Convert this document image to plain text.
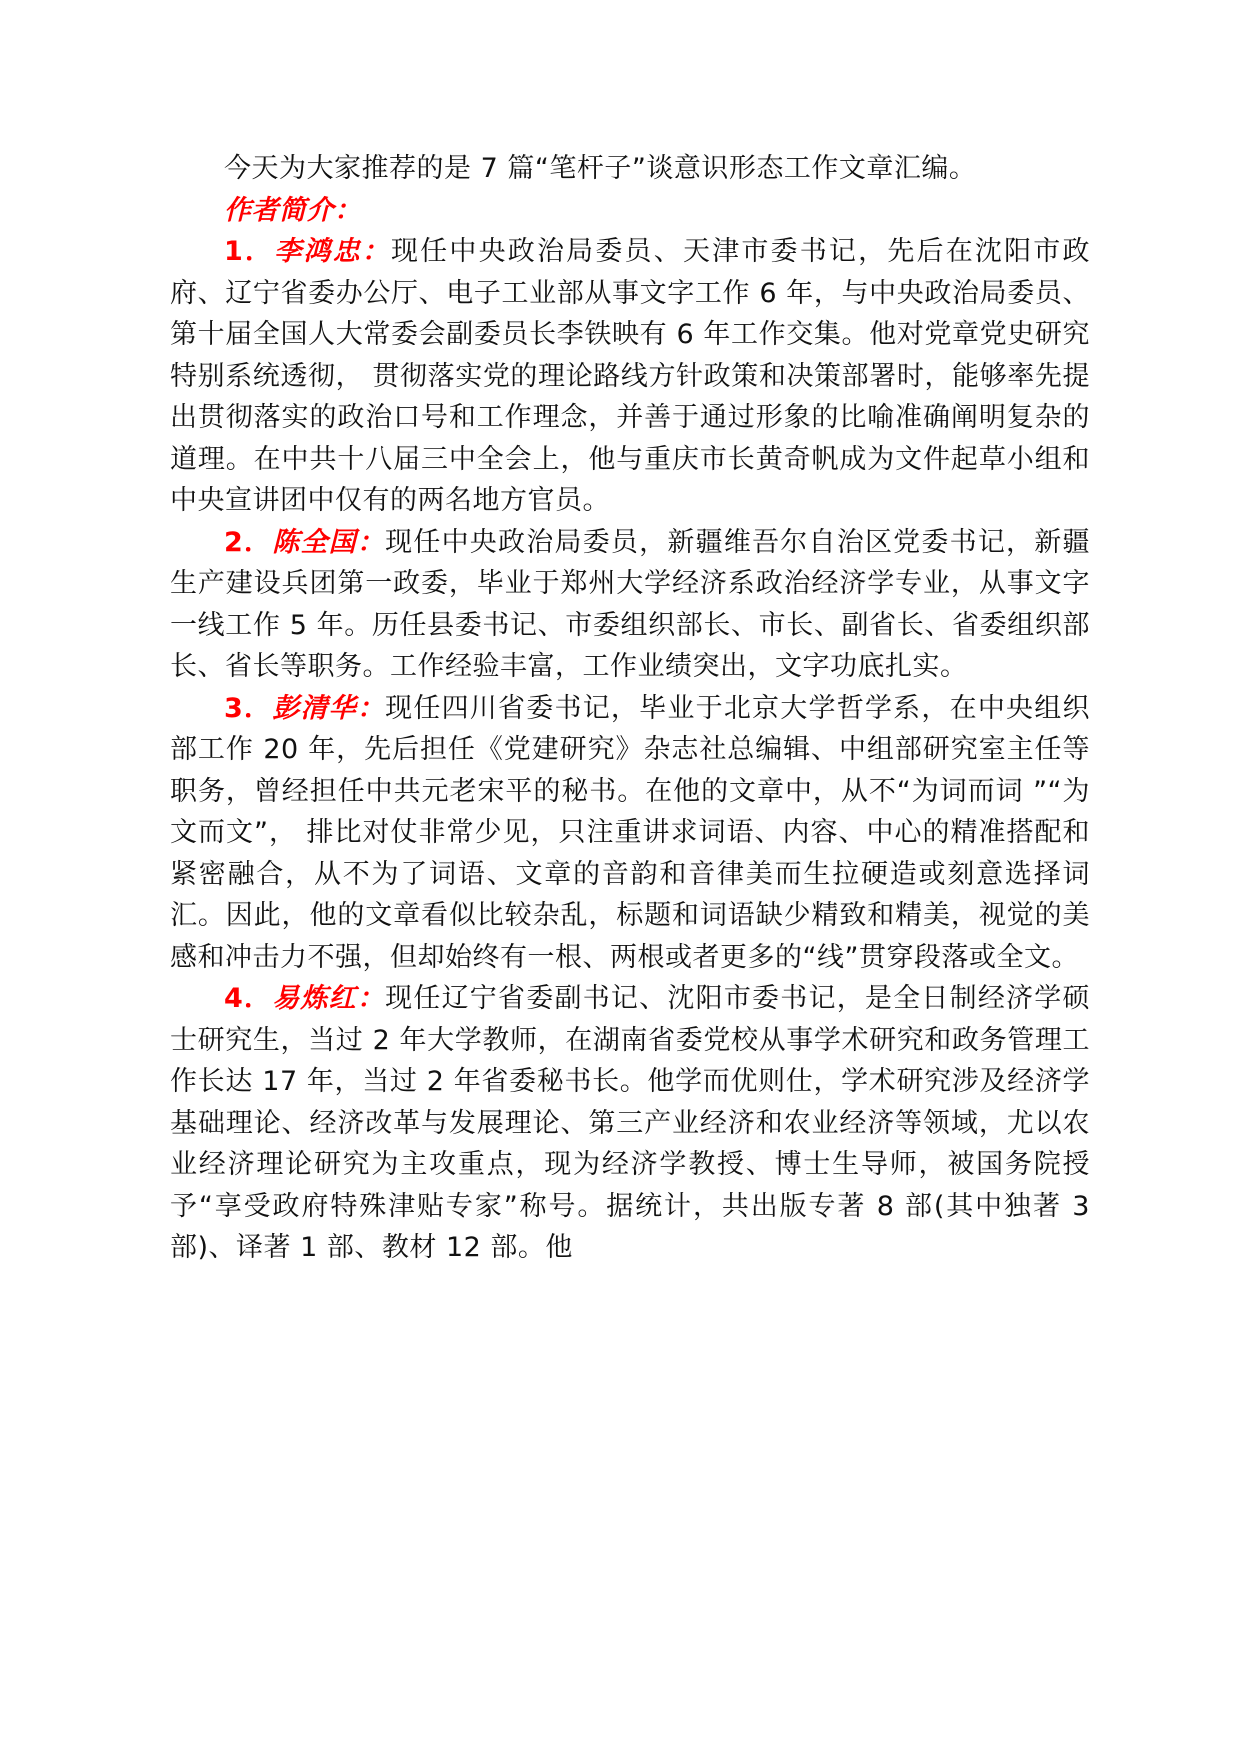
今天为大家推荐的是 7 篇“笔杆子”谈意识形态工作文章汇编。

作者简介：

1．李鸿忠：现任中央政治局委员、天津市委书记，先后在沈阳市政府、辽宁省委办公厅、电子工业部从事文字工作 6 年，与中央政治局委员、第十届全国人大常委会副委员长李铁映有 6 年工作交集。他对党章党史研究特别系统透彻， 贯彻落实党的理论路线方针政策和决策部署时，能够率先提出贯彻落实的政治口号和工作理念，并善于通过形象的比喻准确阐明复杂的道理。在中共十八届三中全会上，他与重庆市长黄奇帆成为文件起草小组和中央宣讲团中仅有的两名地方官员。

2．陈全国：现任中央政治局委员，新疆维吾尔自治区党委书记，新疆生产建设兵团第一政委，毕业于郑州大学经济系政治经济学专业，从事文字一线工作 5 年。历任县委书记、市委组织部长、市长、副省长、省委组织部长、省长等职务。工作经验丰富，工作业绩突出，文字功底扎实。

3．彭清华：现任四川省委书记，毕业于北京大学哲学系，在中央组织部工作 20 年，先后担任《党建研究》杂志社总编辑、中组部研究室主任等职务，曾经担任中共元老宋平的秘书。在他的文章中，从不“为词而词 ”“为文而文”， 排比对仗非常少见，只注重讲求词语、内容、中心的精准搭配和紧密融合，从不为了词语、文章的音韵和音律美而生拉硬造或刻意选择词汇。因此，他的文章看似比较杂乱，标题和词语缺少精致和精美，视觉的美感和冲击力不强，但却始终有一根、两根或者更多的“线”贯穿段落或全文。

4．易炼红：现任辽宁省委副书记、沈阳市委书记，是全日制经济学硕士研究生，当过 2 年大学教师，在湖南省委党校从事学术研究和政务管理工作长达 17 年，当过 2 年省委秘书长。他学而优则仕，学术研究涉及经济学基础理论、经济改革与发展理论、第三产业经济和农业经济等领域，尤以农业经济理论研究为主攻重点，现为经济学教授、博士生导师，被国务院授予“享受政府特殊津贴专家”称号。据统计，共出版专著 8 部(其中独著 3 部)、译著 1 部、教材 12 部。他
